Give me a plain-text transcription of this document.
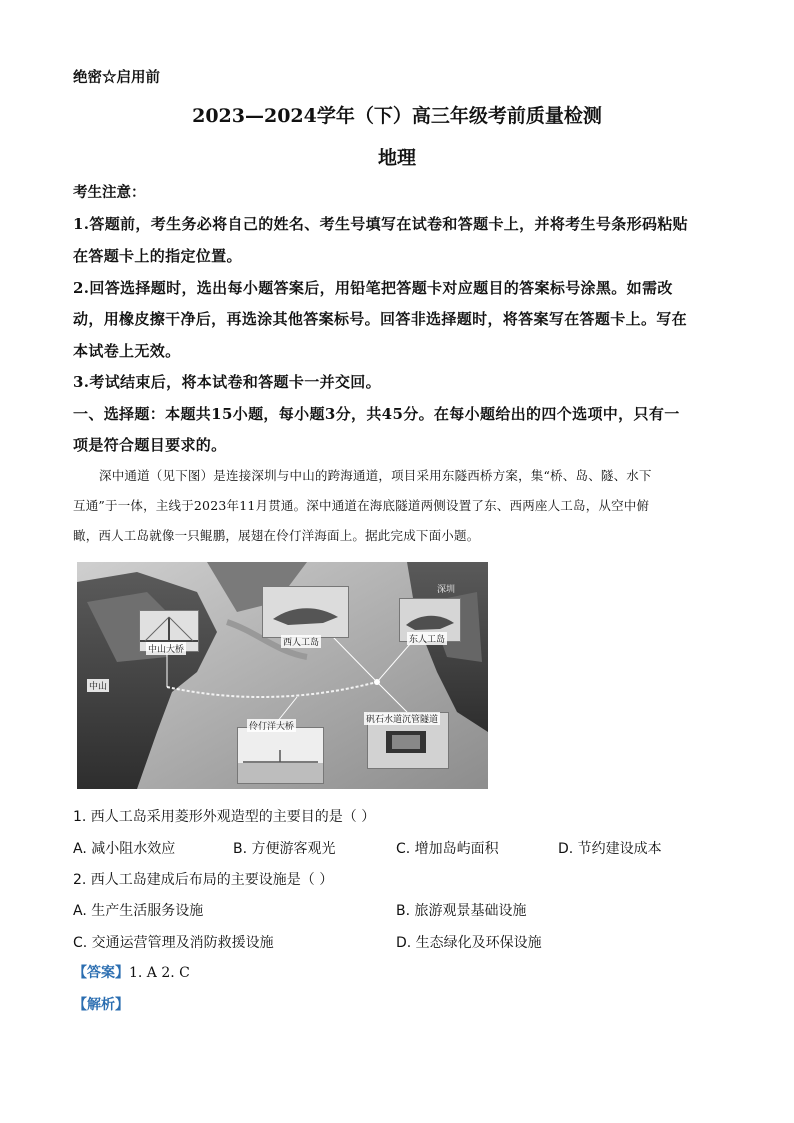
绝密☆启用前
2023—2024学年（下）高三年级考前质量检测
地理
考生注意：
1.答题前，考生务必将自己的姓名、考生号填写在试卷和答题卡上，并将考生号条形码粘贴
在答题卡上的指定位置。
2.回答选择题时，选出每小题答案后，用铅笔把答题卡对应题目的答案标号涂黑。如需改
动，用橡皮擦干净后，再选涂其他答案标号。回答非选择题时，将答案写在答题卡上。写在
本试卷上无效。
3.考试结束后，将本试卷和答题卡一并交回。
一、选择题：本题共15小题，每小题3分，共45分。在每小题给出的四个选项中，只有一
项是符合题目要求的。
深中通道（见下图）是连接深圳与中山的跨海通道，项目采用东隧西桥方案，集“桥、岛、隧、水下
互通”于一体，主线于2023年11月贯通。深中通道在海底隧道两侧设置了东、西两座人工岛，从空中俯
瞰，西人工岛就像一只鲲鹏，展翅在伶仃洋海面上。据此完成下面小题。
西人工岛	东人工岛
深圳
中山大桥
中山
伶仃洋大桥
矾石水道沉管隧道
1. 西人工岛采用菱形外观造型的主要目的是（ ）
A. 减小阻水效应	B. 方便游客观光	C. 增加岛屿面积	D. 节约建设成本
2. 西人工岛建成后布局的主要设施是（ ）
A. 生产生活服务设施	B. 旅游观景基础设施
C. 交通运营管理及消防救援设施	D. 生态绿化及环保设施
【答案】1. A 2. C
【解析】
